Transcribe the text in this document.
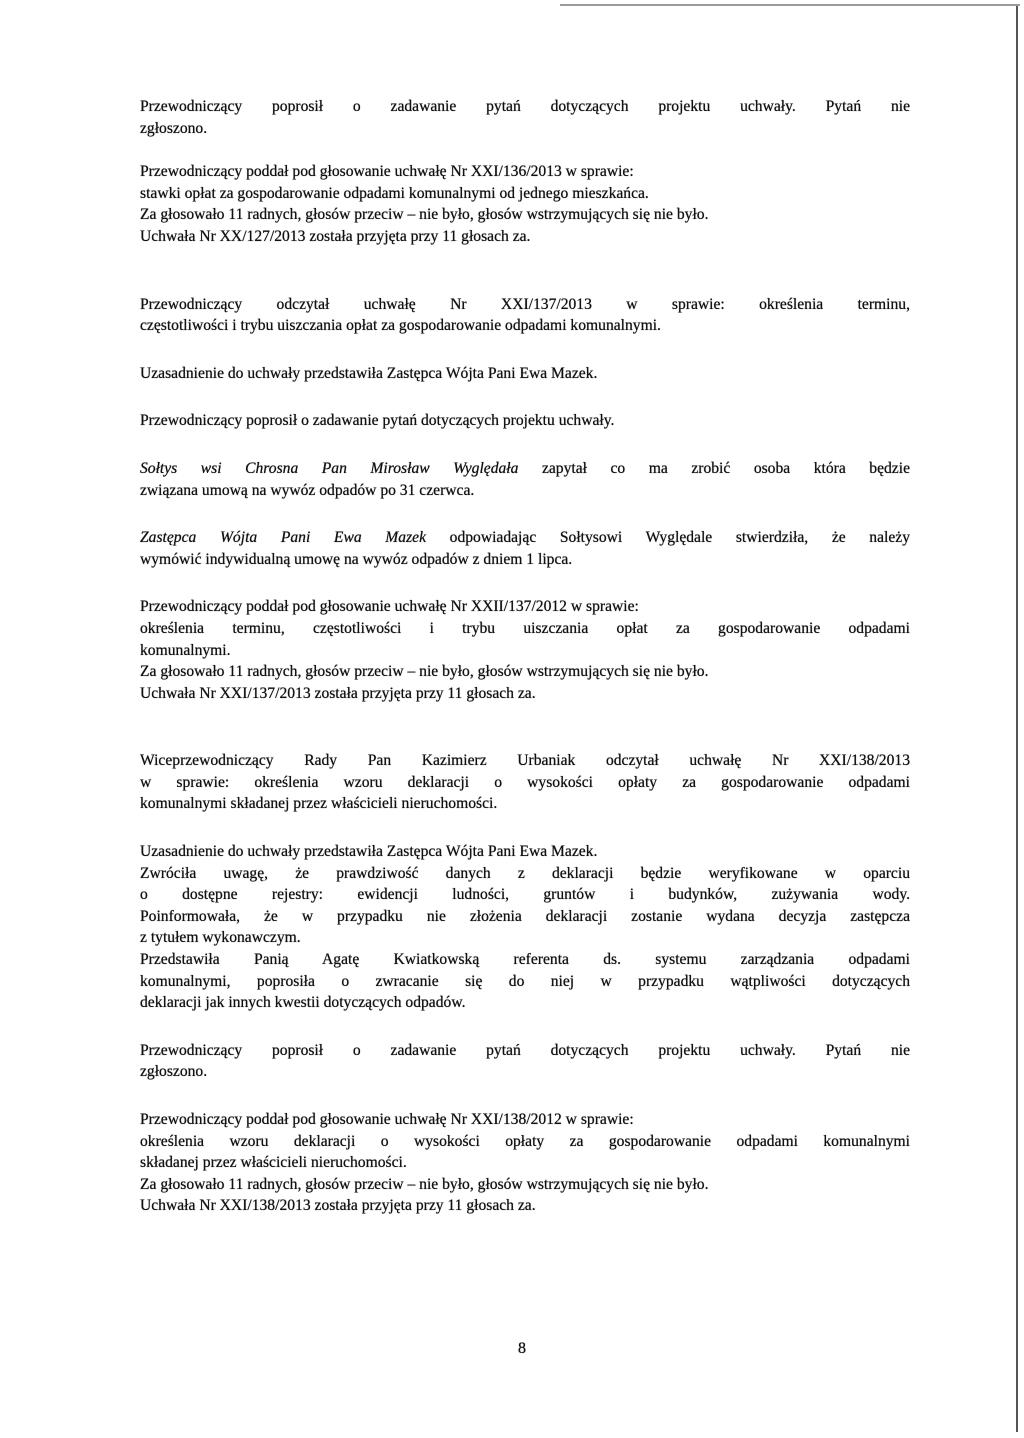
Przewodniczący poprosił o zadawanie pytań dotyczących projektu uchwały. Pytań nie
zgłoszono.

Przewodniczący poddał pod głosowanie uchwałę Nr XXI/136/2013 w sprawie:
stawki opłat za gospodarowanie odpadami komunalnymi od jednego mieszkańca.
Za głosowało 11 radnych, głosów przeciw – nie było, głosów wstrzymujących się nie było.
Uchwała Nr XX/127/2013 została przyjęta przy 11 głosach za.

Przewodniczący odczytał uchwałę Nr XXI/137/2013 w sprawie: określenia terminu,
częstotliwości i trybu uiszczania opłat za gospodarowanie odpadami komunalnymi.

Uzasadnienie do uchwały przedstawiła Zastępca Wójta Pani Ewa Mazek.

Przewodniczący poprosił o zadawanie pytań dotyczących projektu uchwały.

Sołtys wsi Chrosna Pan Mirosław Wyględała zapytał co ma zrobić osoba która będzie
związana umową na wywóz odpadów po 31 czerwca.

Zastępca Wójta Pani Ewa Mazek odpowiadając Sołtysowi Wyględale stwierdziła, że należy
wymówić indywidualną umowę na wywóz odpadów z dniem 1 lipca.

Przewodniczący poddał pod głosowanie uchwałę Nr XXII/137/2012 w sprawie:
określenia terminu, częstotliwości i trybu uiszczania opłat za gospodarowanie odpadami
komunalnymi.
Za głosowało 11 radnych, głosów przeciw – nie było, głosów wstrzymujących się nie było.
Uchwała Nr XXI/137/2013 została przyjęta przy 11 głosach za.

Wiceprzewodniczący Rady Pan Kazimierz Urbaniak odczytał uchwałę Nr XXI/138/2013
w sprawie: określenia wzoru deklaracji o wysokości opłaty za gospodarowanie odpadami
komunalnymi składanej przez właścicieli nieruchomości.

Uzasadnienie do uchwały przedstawiła Zastępca Wójta Pani Ewa Mazek.
Zwróciła uwagę, że prawdziwość danych z deklaracji będzie weryfikowane w oparciu
o dostępne rejestry: ewidencji ludności, gruntów i budynków, zużywania wody.
Poinformowała, że w przypadku nie złożenia deklaracji zostanie wydana decyzja zastępcza
z tytułem wykonawczym.
Przedstawiła Panią Agatę Kwiatkowską referenta ds. systemu zarządzania odpadami
komunalnymi, poprosiła o zwracanie się do niej w przypadku wątpliwości dotyczących
deklaracji jak innych kwestii dotyczących odpadów.

Przewodniczący poprosił o zadawanie pytań dotyczących projektu uchwały. Pytań nie
zgłoszono.

Przewodniczący poddał pod głosowanie uchwałę Nr XXI/138/2012 w sprawie:
określenia wzoru deklaracji o wysokości opłaty za gospodarowanie odpadami komunalnymi
składanej przez właścicieli nieruchomości.
Za głosowało 11 radnych, głosów przeciw – nie było, głosów wstrzymujących się nie było.
Uchwała Nr XXI/138/2013 została przyjęta przy 11 głosach za.

8
